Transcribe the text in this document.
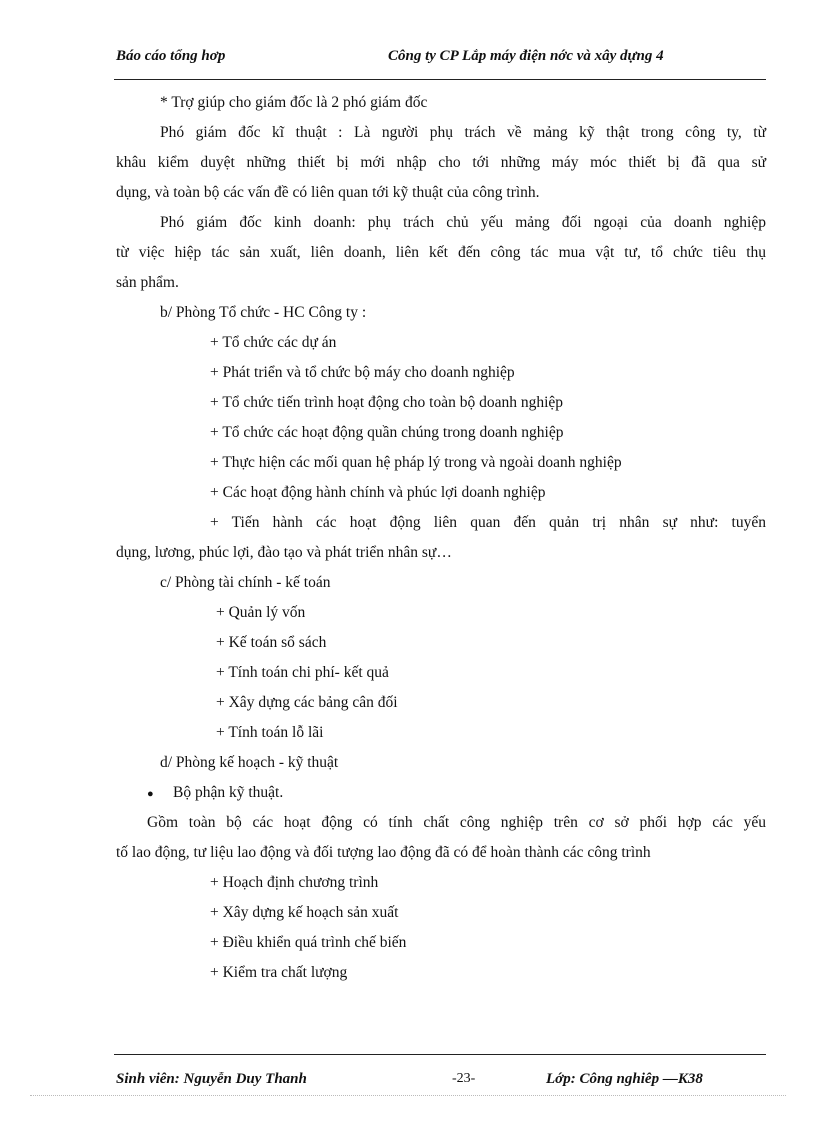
Báo cáo tổng hơp	Công ty CP Lắp máy điện nớc và xây dựng 4
* Trợ giúp cho giám đốc là 2 phó giám đốc
Phó giám đốc kĩ thuật : Là người phụ trách về mảng kỹ thật trong công ty, từ
khâu kiểm duyệt những thiết bị mới nhập cho tới những máy móc thiết bị đã qua sử
dụng, và toàn bộ các vấn đề có liên quan tới kỹ thuật của công trình.
Phó giám đốc kinh doanh: phụ trách chủ yếu mảng đối ngoại của doanh nghiệp
từ việc hiệp tác sản xuất, liên doanh, liên kết đến công tác mua vật tư, tổ chức tiêu thụ
sản phẩm.
b/ Phòng Tổ chức - HC Công ty :
+ Tổ chức các dự án
+ Phát triển và tổ chức bộ máy cho doanh nghiệp
+ Tổ chức tiến trình hoạt động cho toàn bộ doanh nghiệp
+ Tổ chức các hoạt động quần chúng trong doanh nghiệp
+ Thực hiện các mối quan hệ pháp lý trong và ngoài doanh nghiệp
+ Các hoạt động hành chính và phúc lợi doanh nghiệp
+ Tiến hành các hoạt động liên quan đến quản trị nhân sự như: tuyển
dụng, lương, phúc lợi, đào tạo và phát triển nhân sự…
c/ Phòng tài chính - kế toán
+ Quản lý vốn
+ Kế toán sổ sách
+ Tính toán chi phí- kết quả
+ Xây dựng các bảng cân đối
+ Tính toán lỗ lãi
d/ Phòng kế hoạch - kỹ thuật
● Bộ phận kỹ thuật.
Gồm toàn bộ các hoạt động có tính chất công nghiệp trên cơ sở phối hợp các yếu
tố lao động, tư liệu lao động và đối tượng lao động đã có để hoàn thành các công trình
+ Hoạch định chương trình
+ Xây dựng kế hoạch sản xuất
+ Điều khiển quá trình chế biến
+ Kiểm tra chất lượng
Sinh viên: Nguyễn Duy Thanh	-23-	Lớp: Công nghiêp —K38
